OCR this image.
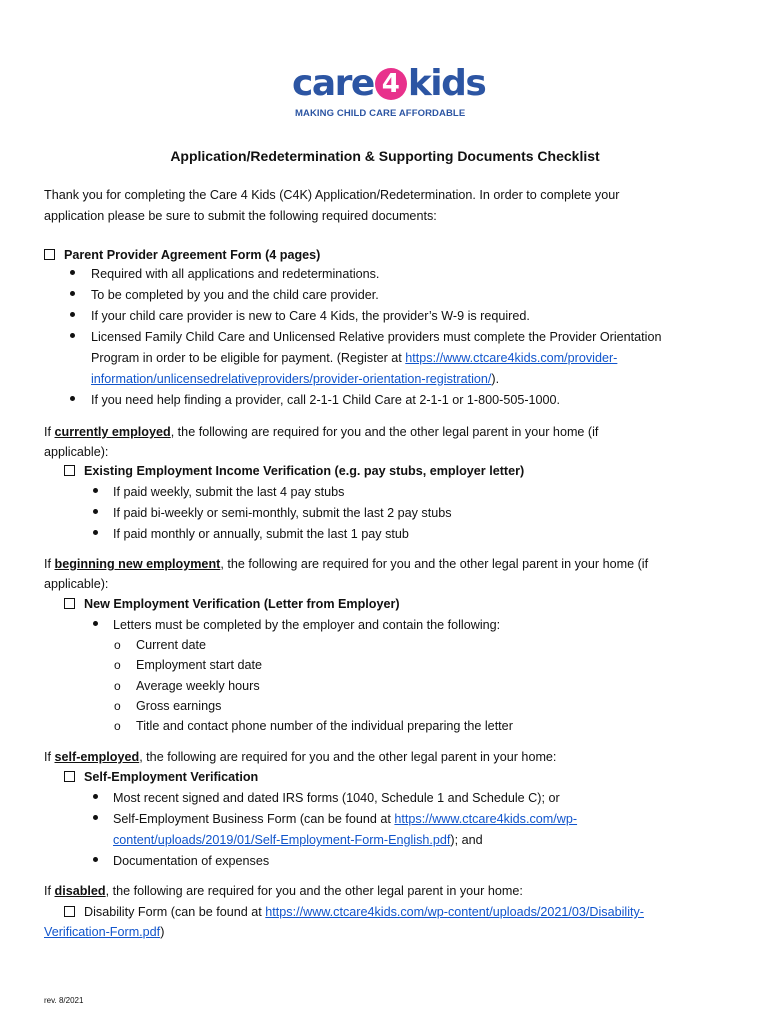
care 4 kids
MAKING CHILD CARE AFFORDABLE
Application/Redetermination & Supporting Documents Checklist
Thank you for completing the Care 4 Kids (C4K) Application/Redetermination. In order to complete your
application please be sure to submit the following required documents:
Parent Provider Agreement Form (4 pages)
Required with all applications and redeterminations.
To be completed by you and the child care provider.
If your child care provider is new to Care 4 Kids, the provider’s W-9 is required.
Licensed Family Child Care and Unlicensed Relative providers must complete the Provider Orientation
Program in order to be eligible for payment. (Register at https://www.ctcare4kids.com/provider-
information/unlicensedrelativeproviders/provider-orientation-registration/).
If you need help finding a provider, call 2-1-1 Child Care at 2-1-1 or 1-800-505-1000.
If currently employed, the following are required for you and the other legal parent in your home (if
applicable):
Existing Employment Income Verification (e.g. pay stubs, employer letter)
If paid weekly, submit the last 4 pay stubs
If paid bi-weekly or semi-monthly, submit the last 2 pay stubs
If paid monthly or annually, submit the last 1 pay stub
If beginning new employment, the following are required for you and the other legal parent in your home (if
applicable):
New Employment Verification (Letter from Employer)
Letters must be completed by the employer and contain the following:
o Current date
o Employment start date
o Average weekly hours
o Gross earnings
o Title and contact phone number of the individual preparing the letter
If self-employed, the following are required for you and the other legal parent in your home:
Self-Employment Verification
Most recent signed and dated IRS forms (1040, Schedule 1 and Schedule C); or
Self-Employment Business Form (can be found at https://www.ctcare4kids.com/wp-
content/uploads/2019/01/Self-Employment-Form-English.pdf); and
Documentation of expenses
If disabled, the following are required for you and the other legal parent in your home:
Disability Form (can be found at https://www.ctcare4kids.com/wp-content/uploads/2021/03/Disability-
Verification-Form.pdf)
rev. 8/2021
